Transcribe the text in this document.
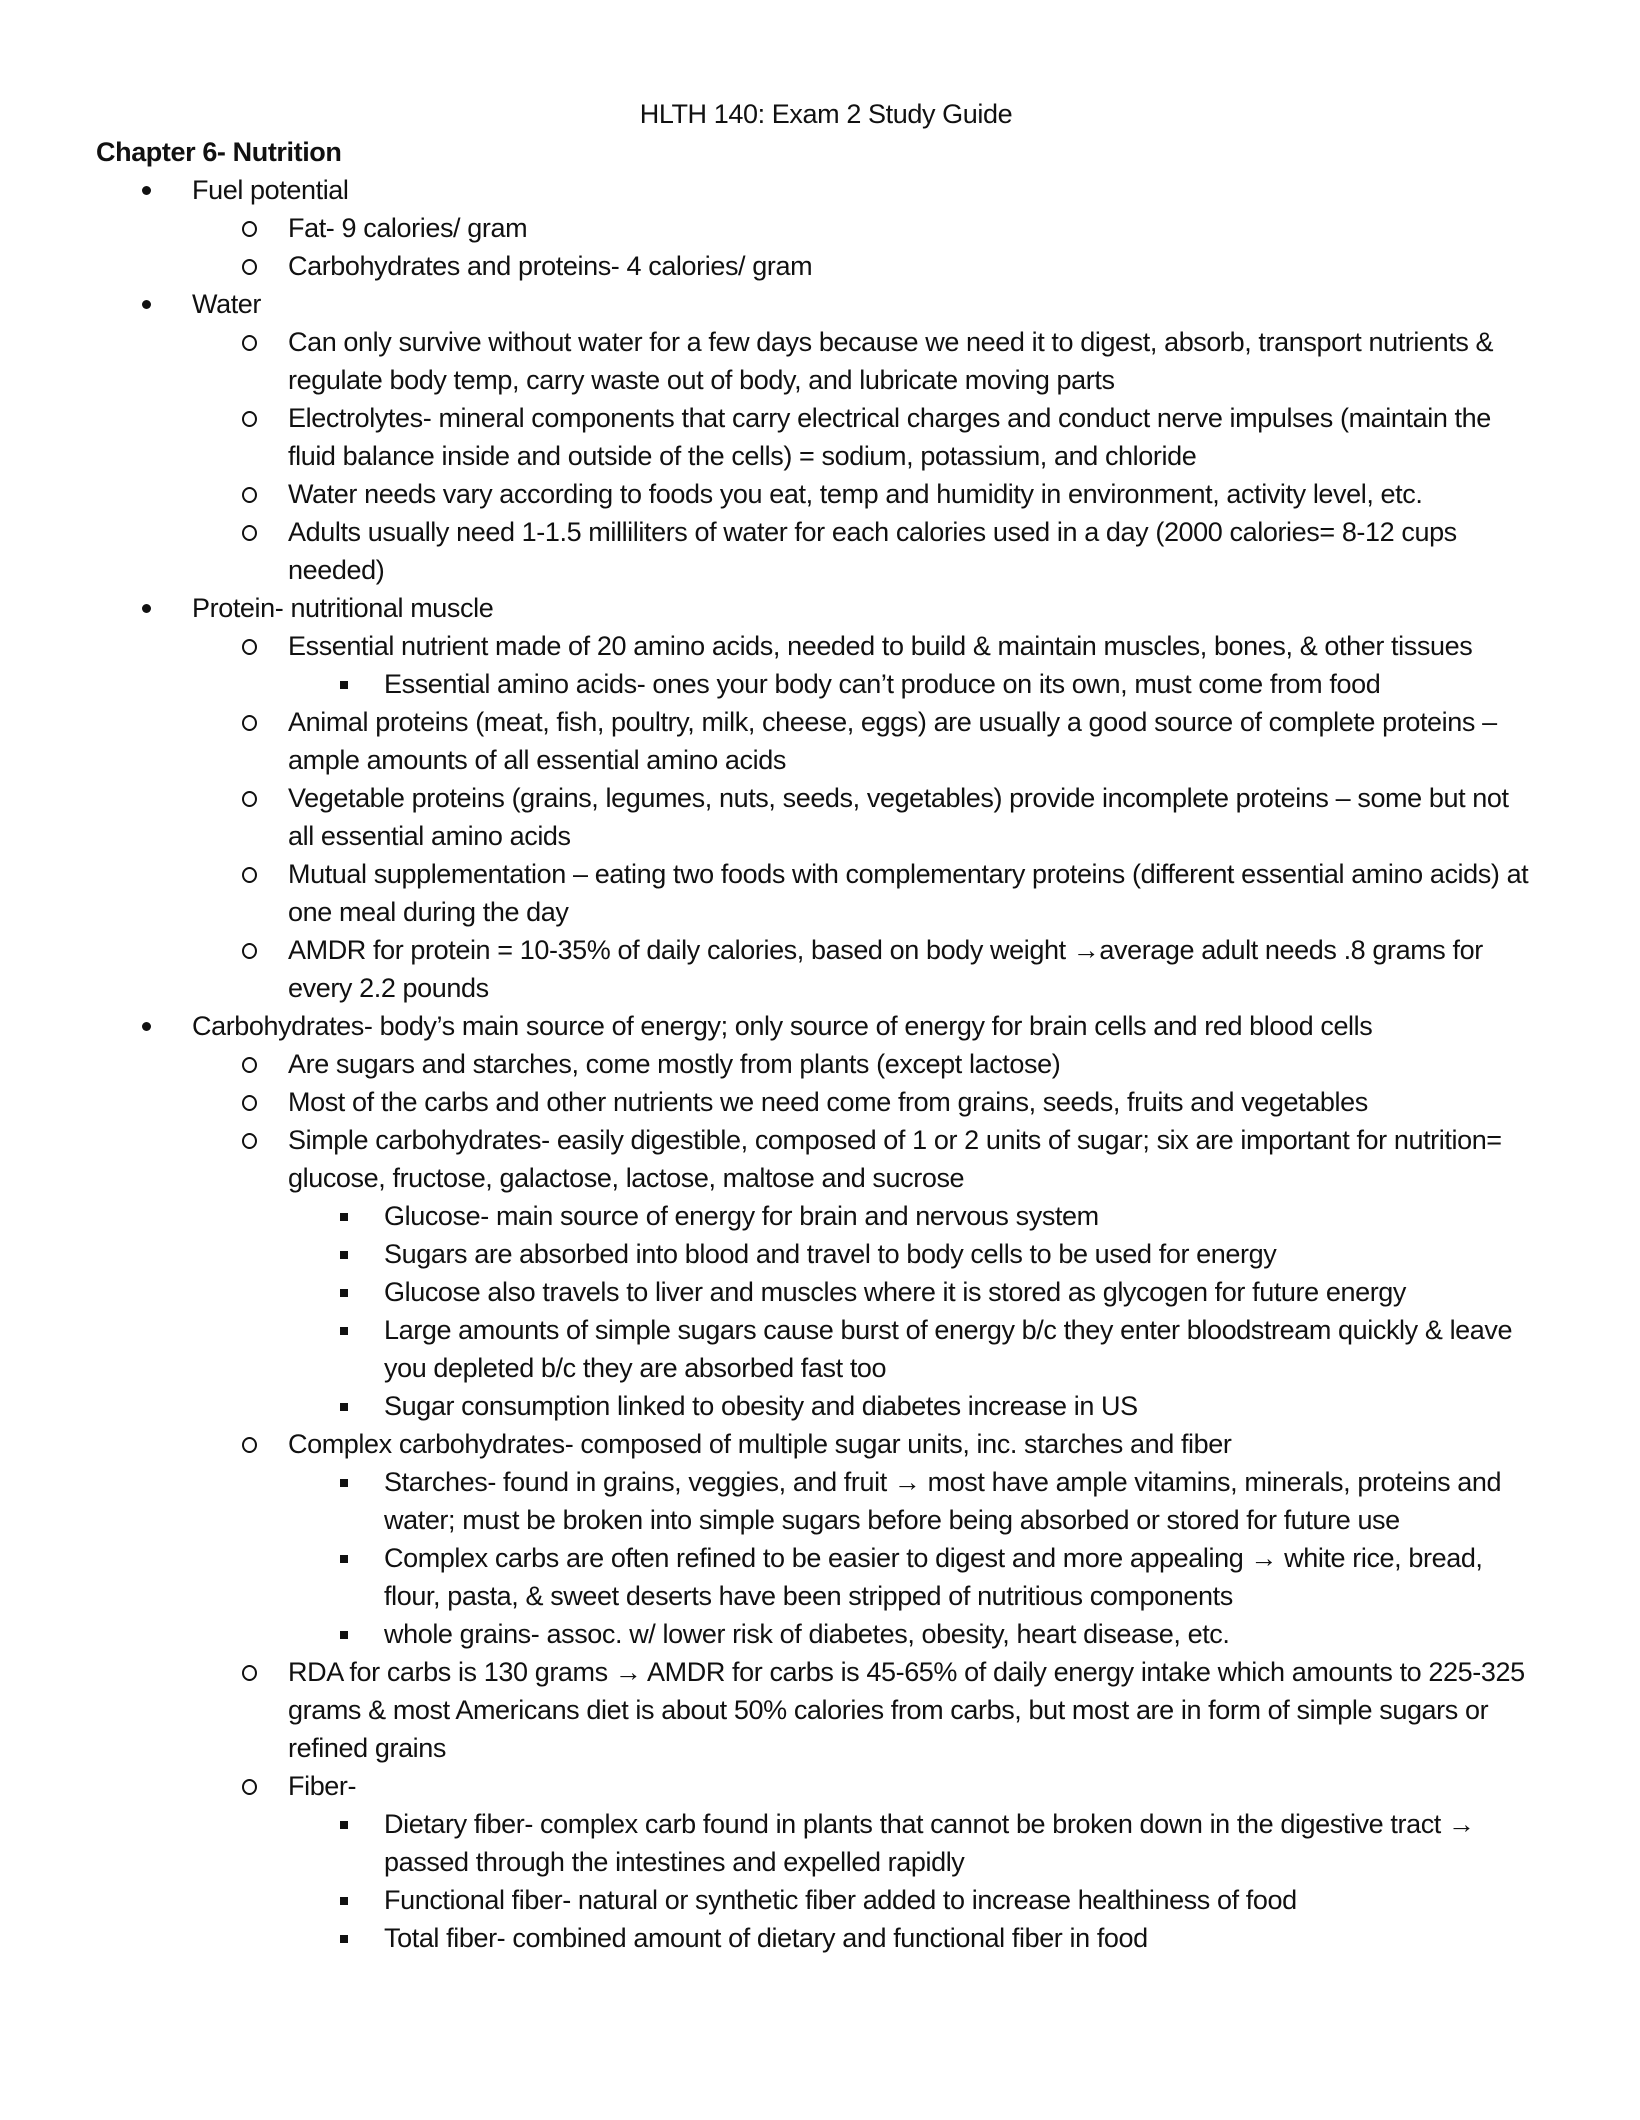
HLTH 140: Exam 2 Study Guide
Chapter 6- Nutrition
Fuel potential
Fat- 9 calories/ gram
Carbohydrates and proteins- 4 calories/ gram
Water
Can only survive without water for a few days because we need it to digest, absorb, transport nutrients & regulate body temp, carry waste out of body, and lubricate moving parts
Electrolytes- mineral components that carry electrical charges and conduct nerve impulses (maintain the fluid balance inside and outside of the cells) = sodium, potassium, and chloride
Water needs vary according to foods you eat, temp and humidity in environment, activity level, etc.
Adults usually need 1-1.5 milliliters of water for each calories used in a day (2000 calories= 8-12 cups needed)
Protein- nutritional muscle
Essential nutrient made of 20 amino acids, needed to build & maintain muscles, bones, & other tissues
Essential amino acids- ones your body can’t produce on its own, must come from food
Animal proteins (meat, fish, poultry, milk, cheese, eggs) are usually a good source of complete proteins – ample amounts of all essential amino acids
Vegetable proteins (grains, legumes, nuts, seeds, vegetables) provide incomplete proteins – some but not all essential amino acids
Mutual supplementation – eating two foods with complementary proteins (different essential amino acids) at one meal during the day
AMDR for protein = 10-35% of daily calories, based on body weight →average adult needs .8 grams for every 2.2 pounds
Carbohydrates- body’s main source of energy; only source of energy for brain cells and red blood cells
Are sugars and starches, come mostly from plants (except lactose)
Most of the carbs and other nutrients we need come from grains, seeds, fruits and vegetables
Simple carbohydrates- easily digestible, composed of 1 or 2 units of sugar; six are important for nutrition= glucose, fructose, galactose, lactose, maltose and sucrose
Glucose- main source of energy for brain and nervous system
Sugars are absorbed into blood and travel to body cells to be used for energy
Glucose also travels to liver and muscles where it is stored as glycogen for future energy
Large amounts of simple sugars cause burst of energy b/c they enter bloodstream quickly & leave you depleted b/c they are absorbed fast too
Sugar consumption linked to obesity and diabetes increase in US
Complex carbohydrates- composed of multiple sugar units, inc. starches and fiber
Starches- found in grains, veggies, and fruit → most have ample vitamins, minerals, proteins and water; must be broken into simple sugars before being absorbed or stored for future use
Complex carbs are often refined to be easier to digest and more appealing → white rice, bread, flour, pasta, & sweet deserts have been stripped of nutritious components
whole grains- assoc. w/ lower risk of diabetes, obesity, heart disease, etc.
RDA for carbs is 130 grams → AMDR for carbs is 45-65% of daily energy intake which amounts to 225-325 grams & most Americans diet is about 50% calories from carbs, but most are in form of simple sugars or refined grains
Fiber-
Dietary fiber- complex carb found in plants that cannot be broken down in the digestive tract → passed through the intestines and expelled rapidly
Functional fiber- natural or synthetic fiber added to increase healthiness of food
Total fiber- combined amount of dietary and functional fiber in food
